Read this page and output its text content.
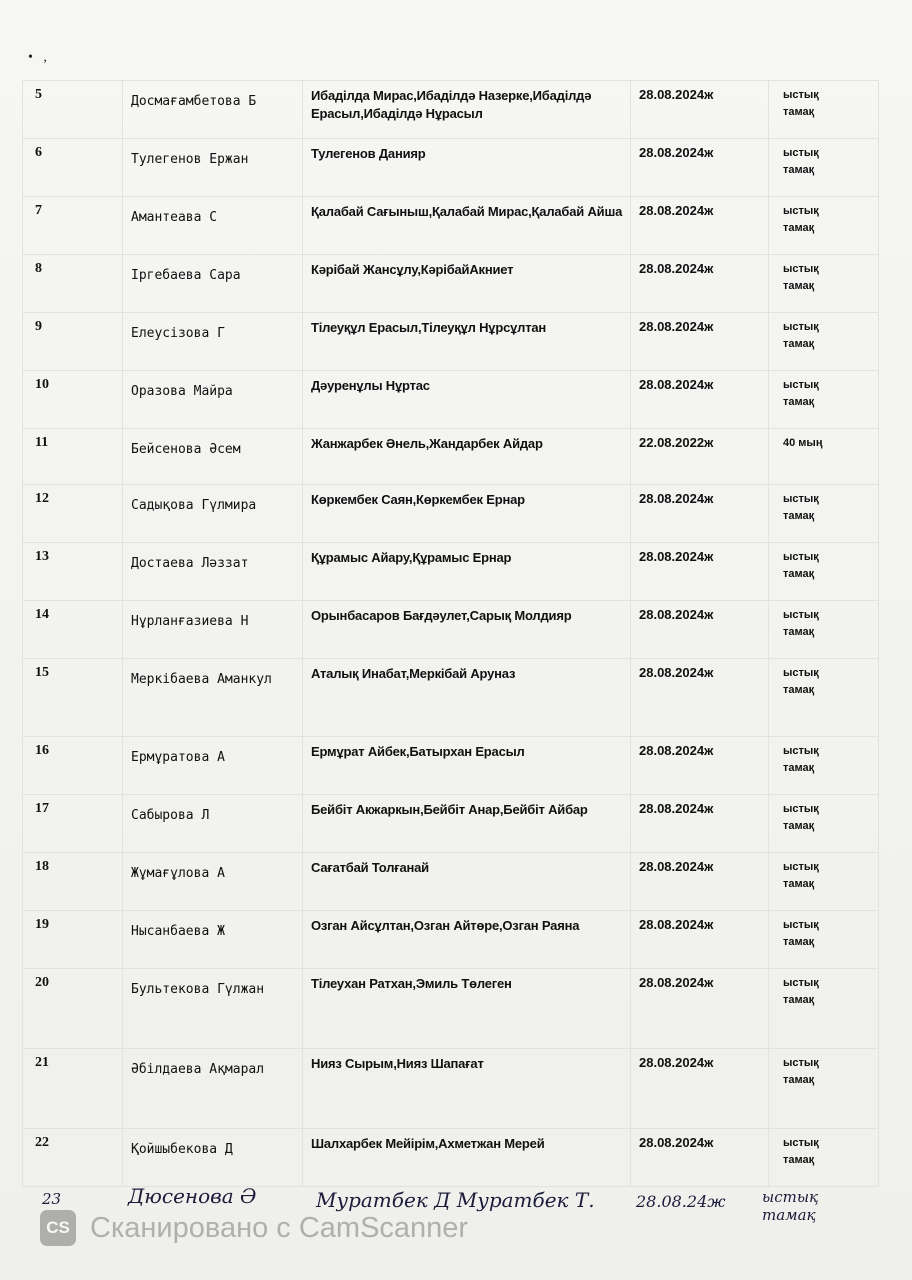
•   ,
5	Досмағамбетова Б	Ибаділда Мирас,Ибаділдә Назерке,Ибаділдә Ерасыл,Ибаділдә Нұрасыл	28.08.2024ж	ыстық
тамақ

6	Тулегенов Ержан	Тулегенов Данияр	28.08.2024ж	ыстық
тамақ

7	Амантеава С	Қалабай Сағыныш,Қалабай Мирас,Қалабай Айша	28.08.2024ж	ыстық
тамақ

8	Іргебаева Сара	Кәрібай Жансұлу,КәрібайАкниет	28.08.2024ж	ыстық
тамақ

9	Елеусізова Г	Тілеуқұл Ерасыл,Тілеуқұл Нұрсұлтан	28.08.2024ж	ыстық
тамақ

10	Оразова Майра	Дәуренұлы Нұртас	28.08.2024ж	ыстық
тамақ

11	Бейсенова Әсем	Жанжарбек Әнель,Жандарбек Айдар	22.08.2022ж	40 мың

12	Садықова Гүлмира	Көркембек Саян,Көркембек Ернар	28.08.2024ж	ыстық
тамақ

13	Достаева Ләззат	Құрамыс Айару,Құрамыс Ернар	28.08.2024ж	ыстық
тамақ

14	Нұрланғазиева Н	Орынбасаров Бағдәулет,Сарық Молдияр	28.08.2024ж	ыстық
тамақ

15	Меркібаева Аманкул	Аталық Инабат,Меркібай Аруназ	28.08.2024ж	ыстық
тамақ

16	Ермұратова А	Ермұрат Айбек,Батырхан Ерасыл	28.08.2024ж	ыстық
тамақ

17	Сабырова Л	Бейбіт Акжаркын,Бейбіт Анар,Бейбіт Айбар	28.08.2024ж	ыстық
тамақ

18	Жұмағұлова А	Сағатбай Толғанай	28.08.2024ж	ыстық
тамақ

19	Нысанбаева Ж	Озган Айсұлтан,Озган Айтөре,Озган Раяна	28.08.2024ж	ыстық
тамақ

20	Бультекова Гүлжан	Тілеухан Ратхан,Эмиль Төлеген	28.08.2024ж	ыстық
тамақ

21	Әбілдаева Ақмарал	Нияз Сырым,Нияз Шапағат	28.08.2024ж	ыстық
тамақ

22	Қойшыбекова Д	Шалхарбек Мейірім,Ахметжан Мерей	28.08.2024ж	ыстық
тамақ
23	Дюсенова Ә	Муратбек Д Муратбек Т.	28.08.24ж ыстық
тамақ
CS Сканировано с CamScanner
